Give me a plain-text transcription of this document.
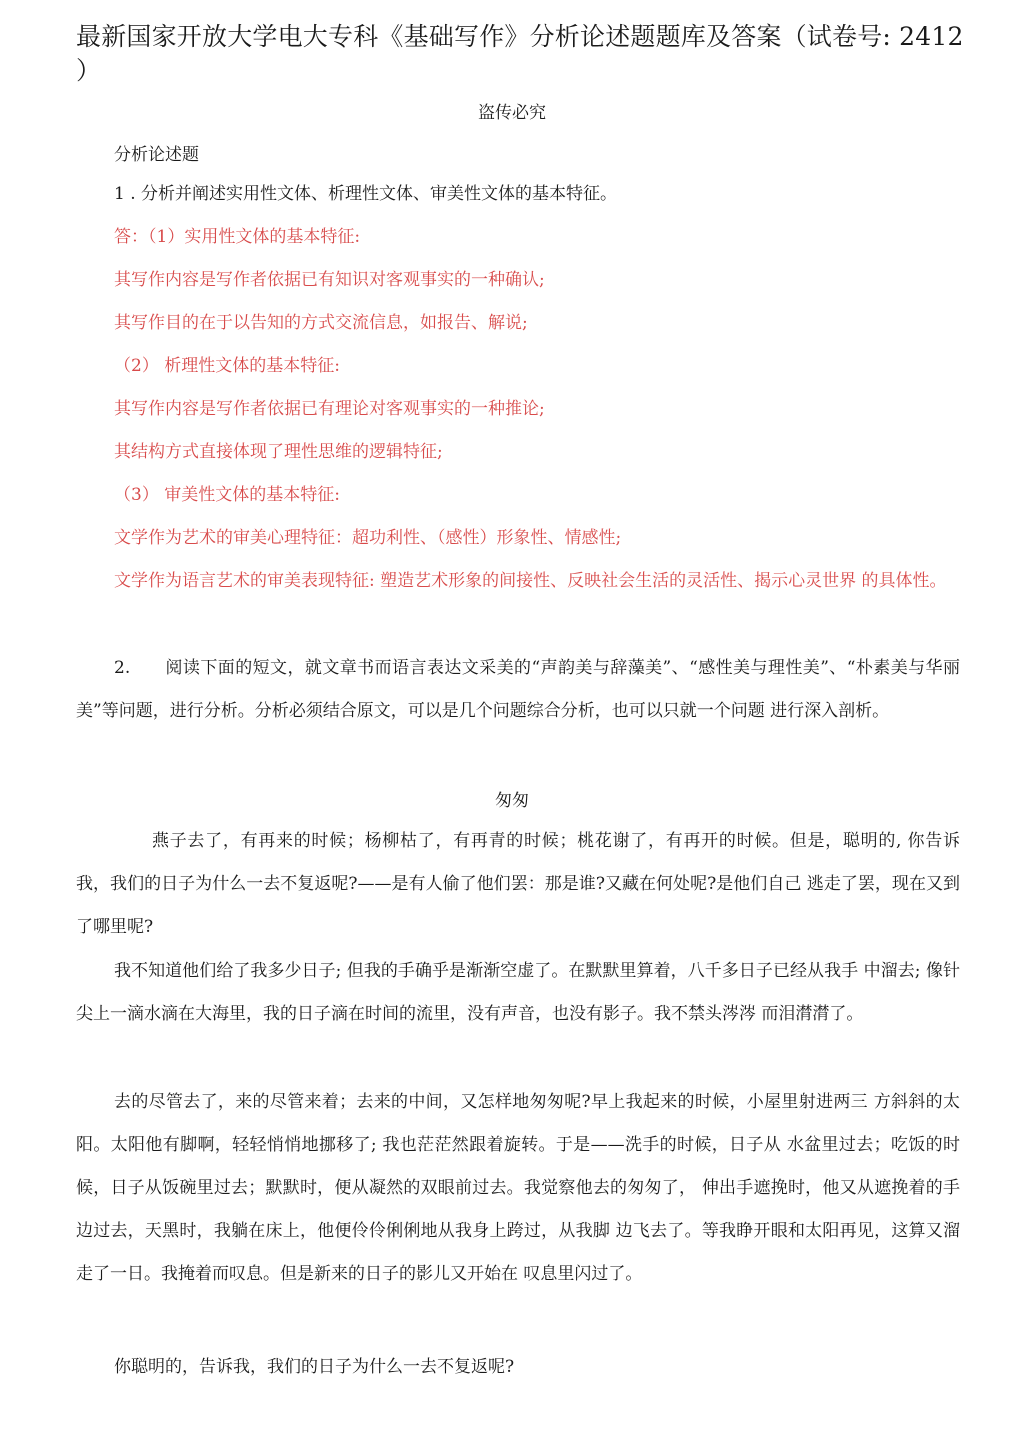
最新国家开放大学电大专科《基础写作》分析论述题题库及答案（试卷号: 2412 ）
盗传必究
分析论述题
1 . 分析并阐述实用性文体、析理性文体、审美性文体的基本特征。
答：（1）实用性文体的基本特征:
其写作内容是写作者依据已有知识对客观事实的一种确认;
其写作目的在于以告知的方式交流信息，如报告、解说;
（2） 析理性文体的基本特征:
其写作内容是写作者依据已有理论对客观事实的一种推论;
其结构方式直接体现了理性思维的逻辑特征;
（3） 审美性文体的基本特征:
文学作为艺术的审美心理特征：超功利性、（感性）形象性、情感性;
文学作为语言艺术的审美表现特征: 塑造艺术形象的间接性、反映社会生活的灵活性、揭示心灵世界 的具体性。
2.　　阅读下面的短文，就文章书而语言表达文采美的“声韵美与辞藻美”、“感性美与理性美”、“朴素美与华丽美”等问题，进行分析。分析必须结合原文，可以是几个问题综合分析，也可以只就一个问题 进行深入剖析。
匆匆
燕子去了，有再来的时候；杨柳枯了，有再青的时候；桃花谢了，有再开的时候。但是，聪明的, 你告诉我，我们的日子为什么一去不复返呢?——是有人偷了他们罢：那是谁?又藏在何处呢?是他们自己 逃走了罢，现在又到了哪里呢?
我不知道他们给了我多少日子; 但我的手确乎是渐渐空虚了。在默默里算着，八千多日子已经从我手 中溜去; 像针尖上一滴水滴在大海里，我的日子滴在时间的流里，没有声音，也没有影子。我不禁头涔涔 而泪潸潸了。
去的尽管去了，来的尽管来着；去来的中间，又怎样地匆匆呢?早上我起来的时候，小屋里射进两三 方斜斜的太阳。太阳他有脚啊，轻轻悄悄地挪移了; 我也茫茫然跟着旋转。于是——洗手的时候，日子从 水盆里过去；吃饭的时候，日子从饭碗里过去；默默时，便从凝然的双眼前过去。我觉察他去的匆匆了， 伸出手遮挽时，他又从遮挽着的手边过去，天黑时，我躺在床上，他便伶伶俐俐地从我身上跨过，从我脚 边飞去了。等我睁开眼和太阳再见，这算又溜走了一日。我掩着而叹息。但是新来的日子的影儿又开始在 叹息里闪过了。
你聪明的，告诉我，我们的日子为什么一去不复返呢?
